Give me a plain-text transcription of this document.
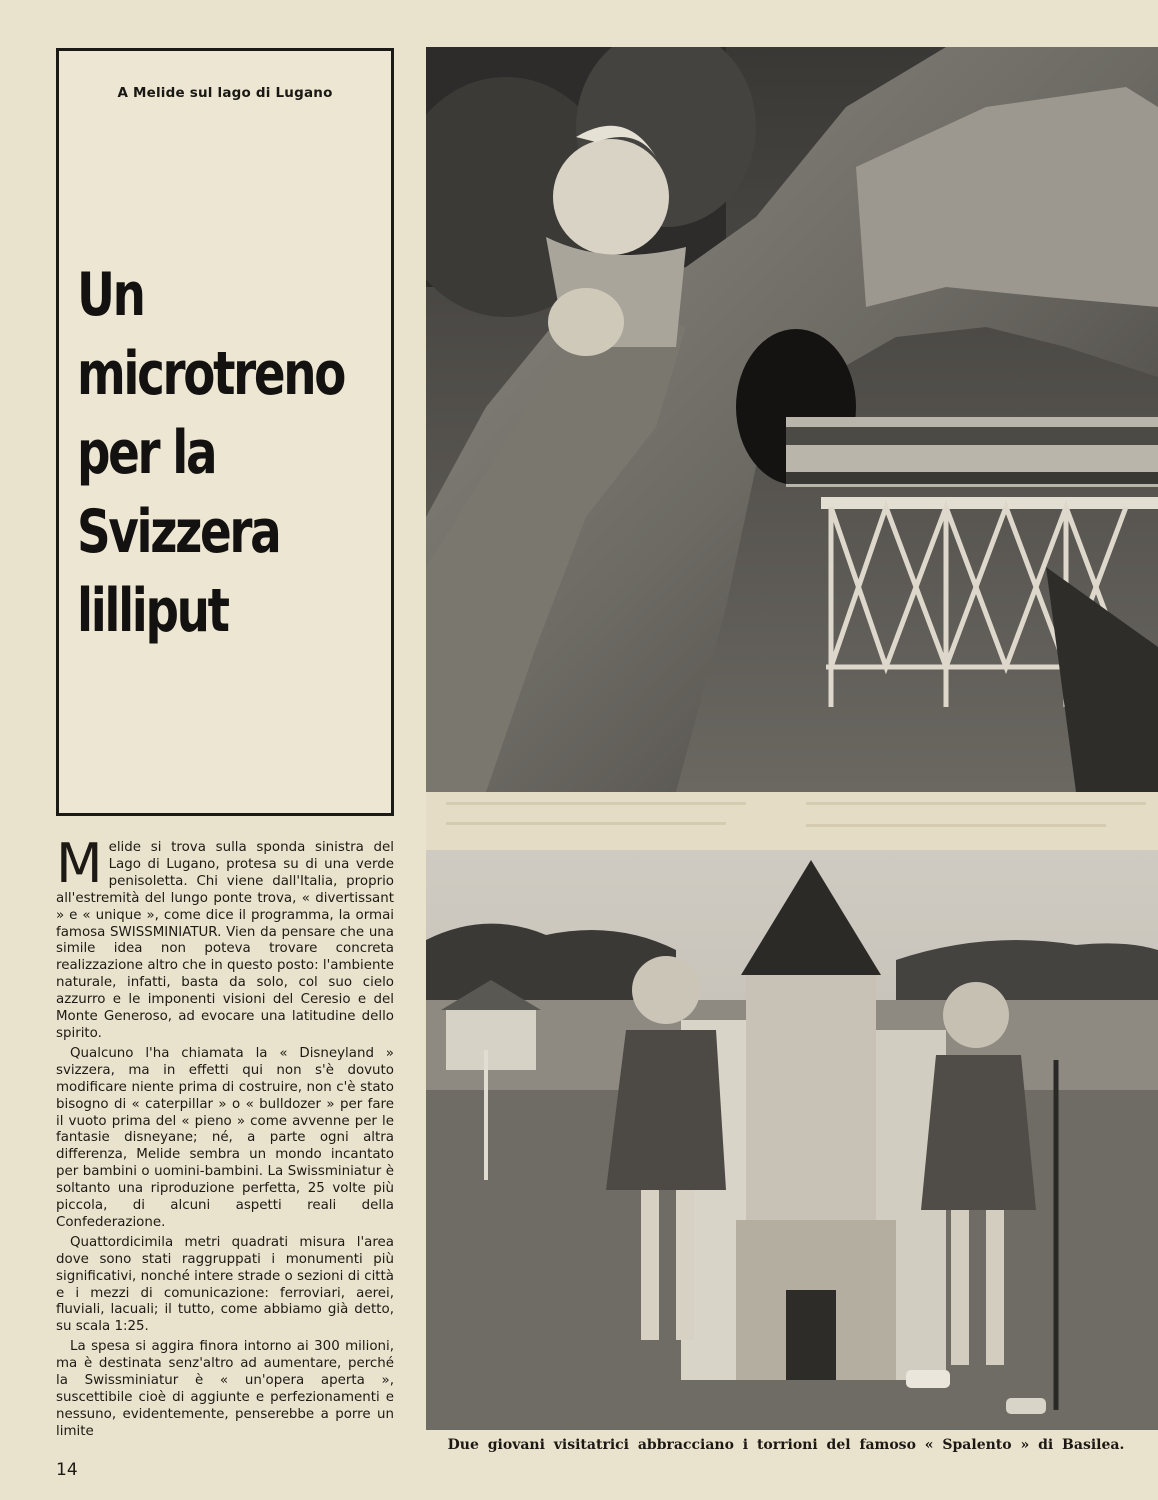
A Melide sul lago di Lugano
Un
microtreno
per la
Svizzera
lilliput

Melide si trova sulla sponda sinistra del Lago di Lugano, protesa su di una verde penisoletta. Chi viene dall'Italia, proprio all'estremità del lungo ponte trova, « divertissant » e « unique », come dice il programma, la ormai famosa SWISSMINIATUR. Vien da pensare che una simile idea non poteva trovare concreta realizzazione altro che in questo posto: l'ambiente naturale, infatti, basta da solo, col suo cielo azzurro e le imponenti visioni del Ceresio e del Monte Generoso, ad evocare una latitudine dello spirito.

Qualcuno l'ha chiamata la « Disneyland » svizzera, ma in effetti qui non s'è dovuto modificare niente prima di costruire, non c'è stato bisogno di « caterpillar » o « bulldozer » per fare il vuoto prima del « pieno » come avvenne per le fantasie disneyane; né, a parte ogni altra differenza, Melide sembra un mondo incantato per bambini o uomini-bambini. La Swissminiatur è soltanto una riproduzione perfetta, 25 volte più piccola, di alcuni aspetti reali della Confederazione.

Quattordicimila metri quadrati misura l'area dove sono stati raggruppati i monumenti più significativi, nonché intere strade o sezioni di città e i mezzi di comunicazione: ferroviari, aerei, fluviali, lacuali; il tutto, come abbiamo già detto, su scala 1:25.

La spesa si aggira finora intorno ai 300 milioni, ma è destinata senz'altro ad aumentare, perché la Swissminiatur è « un'opera aperta », suscettibile cioè di aggiunte e perfezionamenti e nessuno, evidentemente, penserebbe a porre un limite

14
Due giovani visitatrici abbracciano i torrioni del famoso « Spalento » di Basilea.
